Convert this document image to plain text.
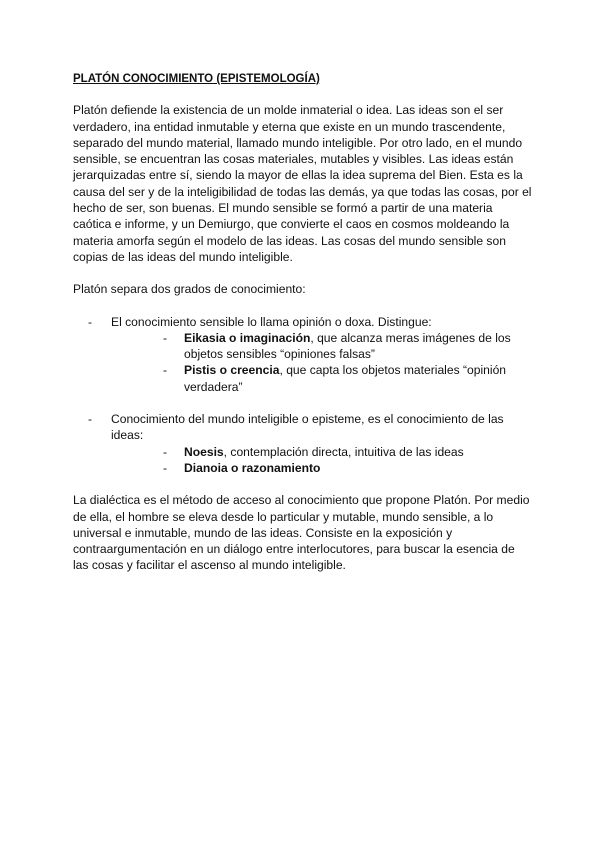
PLATÓN CONOCIMIENTO (EPISTEMOLOGÍA)

Platón defiende la existencia de un molde inmaterial o idea. Las ideas son el ser verdadero, ina entidad inmutable y eterna que existe en un mundo trascendente, separado del mundo material, llamado mundo inteligible. Por otro lado, en el mundo sensible, se encuentran las cosas materiales, mutables y visibles. Las ideas están jerarquizadas entre sí, siendo la mayor de ellas la idea suprema del Bien. Esta es la causa del ser y de la inteligibilidad de todas las demás, ya que todas las cosas, por el hecho de ser, son buenas. El mundo sensible se formó a partir de una materia caótica e informe, y un Demiurgo, que convierte el caos en cosmos moldeando la materia amorfa según el modelo de las ideas. Las cosas del mundo sensible son copias de las ideas del mundo inteligible.

Platón separa dos grados de conocimiento:

- El conocimiento sensible lo llama opinión o doxa. Distingue:
- Eikasia o imaginación, que alcanza meras imágenes de los objetos sensibles “opiniones falsas”
- Pistis o creencia, que capta los objetos materiales “opinión verdadera”
- Conocimiento del mundo inteligible o episteme, es el conocimiento de las ideas:
- Noesis, contemplación directa, intuitiva de las ideas
- Dianoia o razonamiento

La dialéctica es el método de acceso al conocimiento que propone Platón. Por medio de ella, el hombre se eleva desde lo particular y mutable, mundo sensible, a lo universal e inmutable, mundo de las ideas. Consiste en la exposición y contraargumentación en un diálogo entre interlocutores, para buscar la esencia de las cosas y facilitar el ascenso al mundo inteligible.
